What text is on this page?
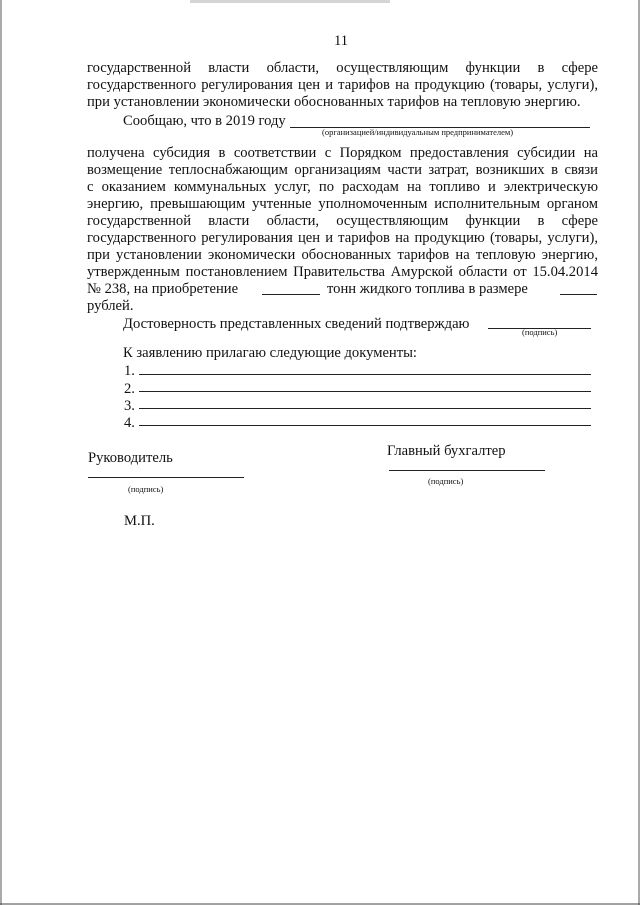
11
государственной власти области, осуществляющим функции в сфере
государственного регулирования цен и тарифов на продукцию (товары, услуги),
при установлении экономически обоснованных тарифов на тепловую энергию.
Сообщаю, что в 2019 году
(организацией/индивидуальным предпринимателем)
получена субсидия в соответствии с Порядком предоставления субсидии на
возмещение теплоснабжающим организациям части затрат, возникших в связи
с оказанием коммунальных услуг, по расходам на топливо и электрическую
энергию, превышающим учтенные уполномоченным исполнительным органом
государственной власти области, осуществляющим функции в сфере
государственного регулирования цен и тарифов на продукцию (товары, услуги),
при установлении экономически обоснованных тарифов на тепловую энергию,
утвержденным постановлением Правительства Амурской области от 15.04.2014
№ 238, на приобретение	тонн жидкого топлива в размере
рублей.
Достоверность представленных сведений подтверждаю	(подпись)
К заявлению прилагаю следующие документы:
1.
2.
3.
4.
Руководитель
(подпись)
Главный бухгалтер
(подпись)
М.П.
